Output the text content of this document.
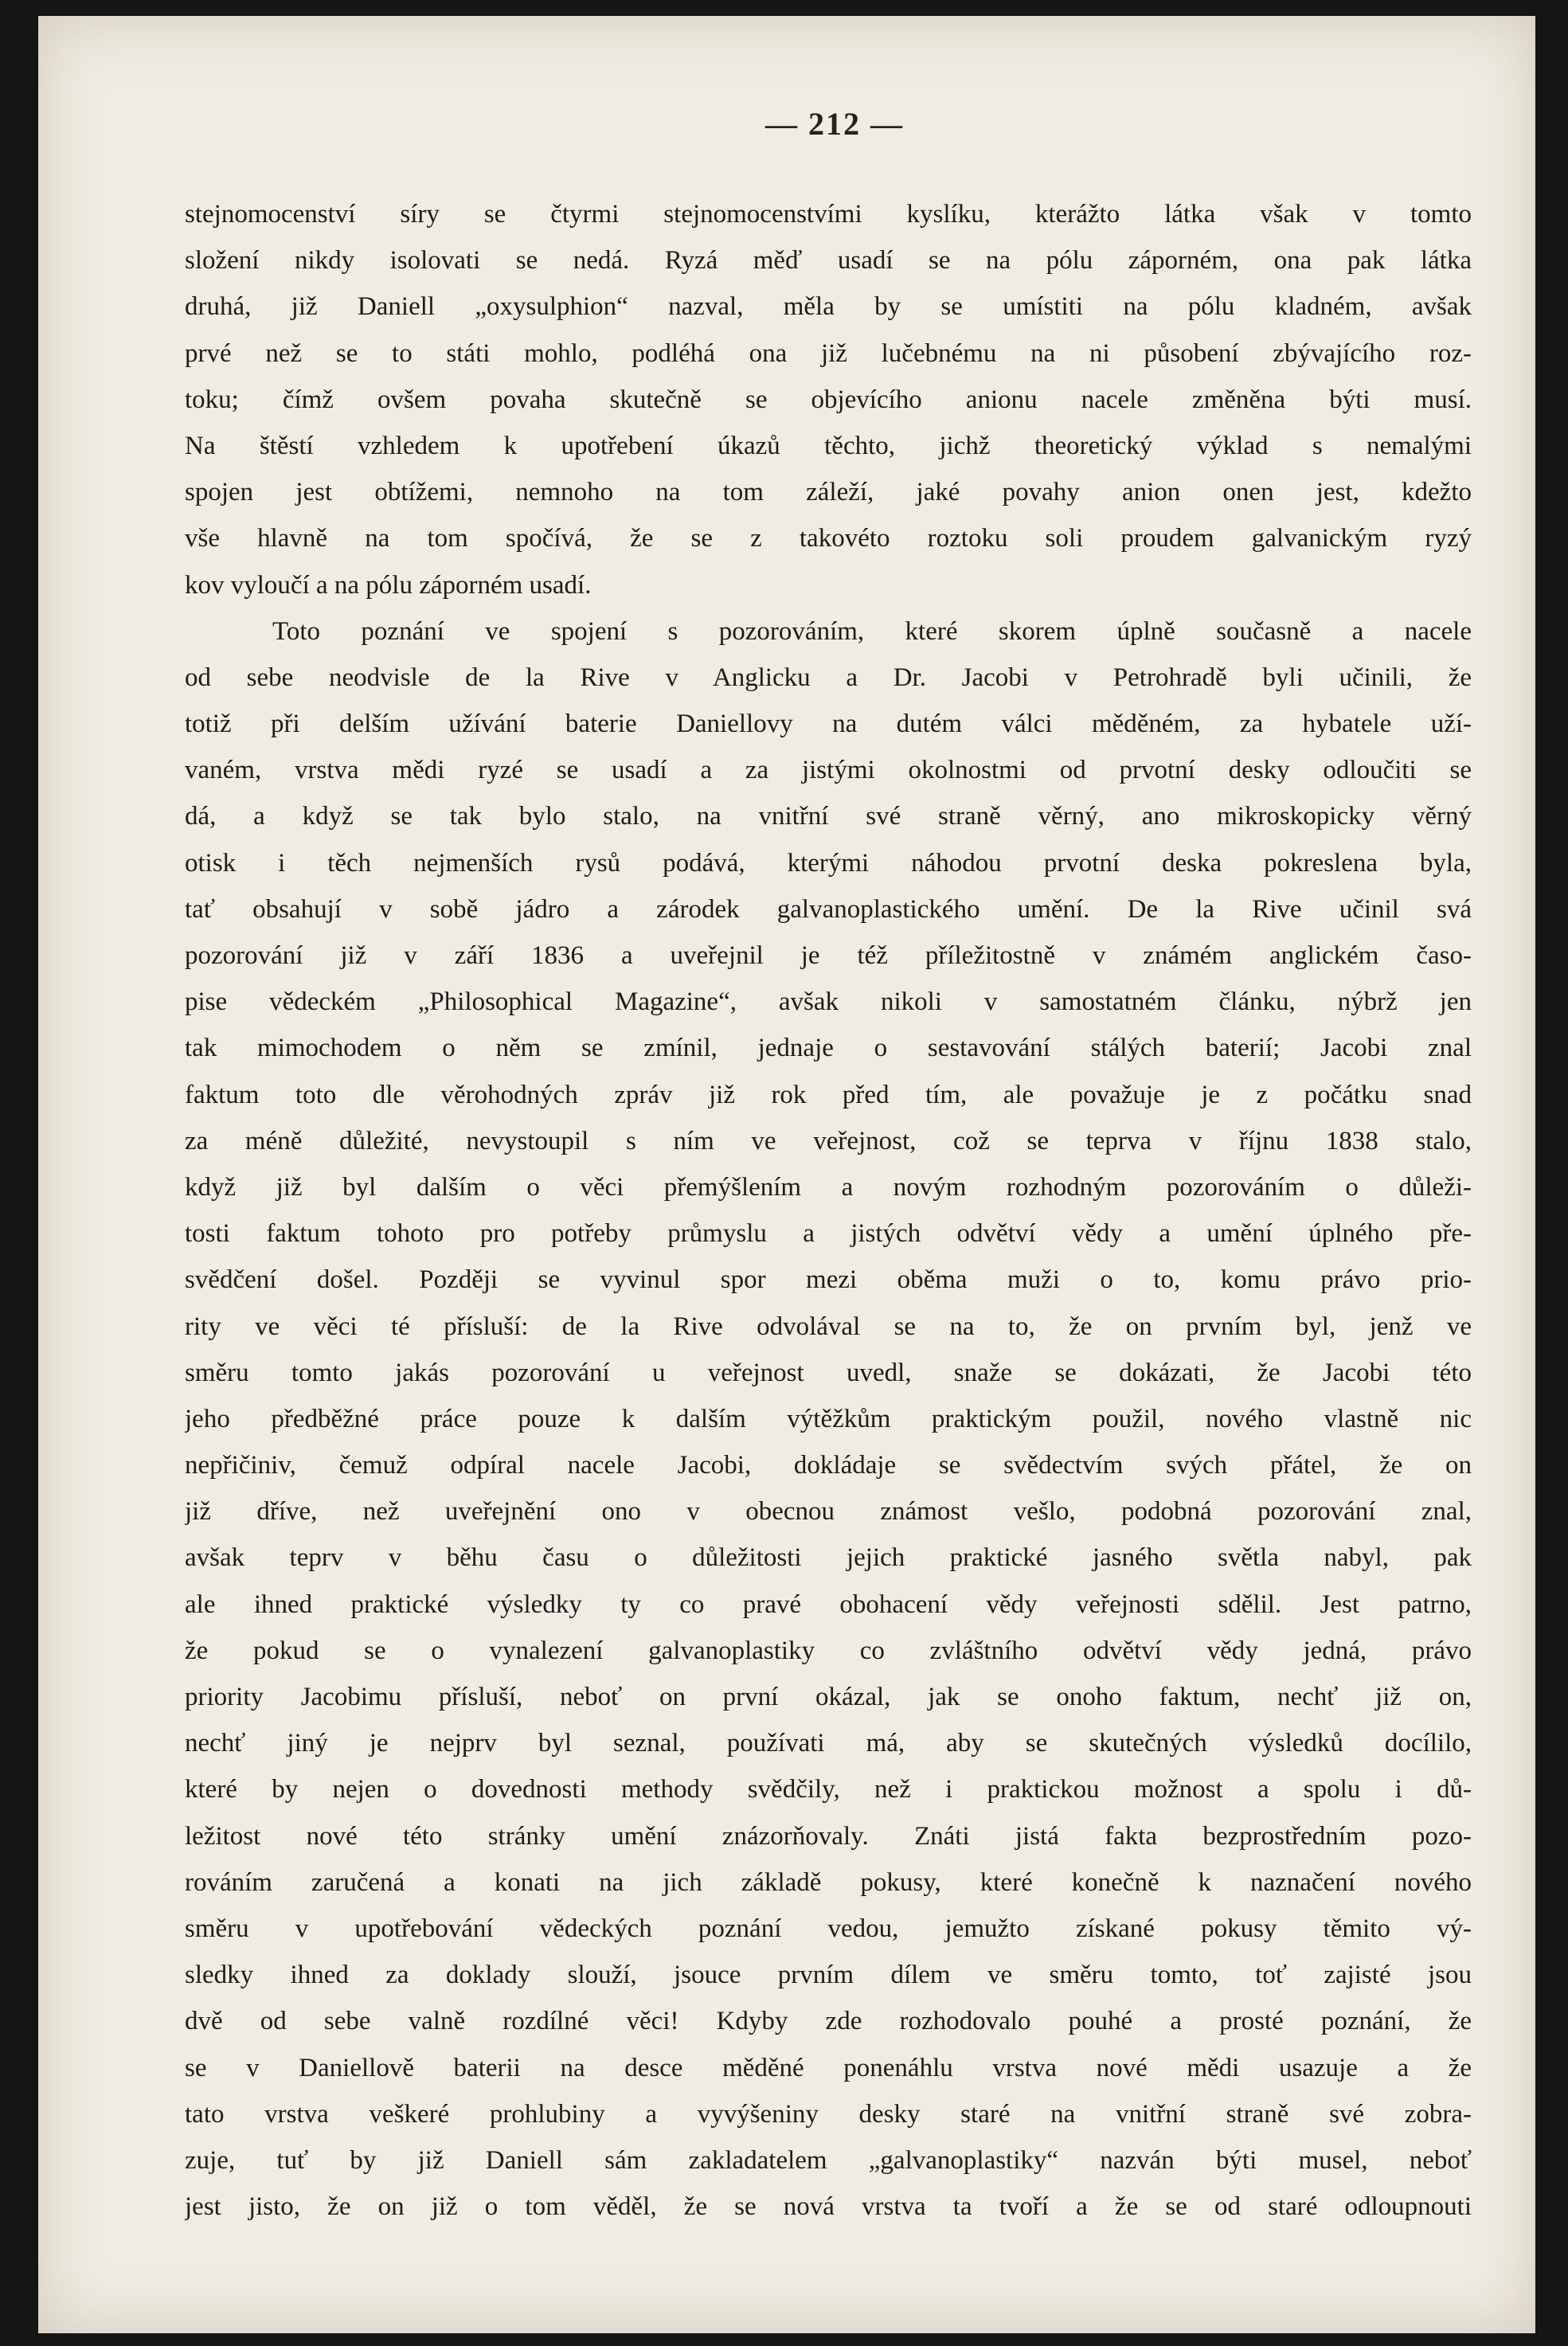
— 212 —
stejnomocenství síry se čtyrmi stejnomocenstvími kyslíku, kterážto látka však v tomto
složení nikdy isolovati se nedá. Ryzá měď usadí se na pólu záporném, ona pak látka
druhá, již Daniell „oxysulphion“ nazval, měla by se umístiti na pólu kladném, avšak
prvé než se to státi mohlo, podléhá ona již lučebnému na ni působení zbývajícího roz-
toku; čímž ovšem povaha skutečně se objevícího anionu nacele změněna býti musí.
Na štěstí vzhledem k upotřebení úkazů těchto, jichž theoretický výklad s nemalými
spojen jest obtížemi, nemnoho na tom záleží, jaké povahy anion onen jest, kdežto
vše hlavně na tom spočívá, že se z takovéto roztoku soli proudem galvanickým ryzý
kov vyloučí a na pólu záporném usadí.
Toto poznání ve spojení s pozorováním, které skorem úplně současně a nacele
od sebe neodvisle de la Rive v Anglicku a Dr. Jacobi v Petrohradě byli učinili, že
totiž při delším užívání baterie Daniellovy na dutém válci měděném, za hybatele uží-
vaném, vrstva mědi ryzé se usadí a za jistými okolnostmi od prvotní desky odloučiti se
dá, a když se tak bylo stalo, na vnitřní své straně věrný, ano mikroskopicky věrný
otisk i těch nejmenších rysů podává, kterými náhodou prvotní deska pokreslena byla,
tať obsahují v sobě jádro a zárodek galvanoplastického umění. De la Rive učinil svá
pozorování již v září 1836 a uveřejnil je též příležitostně v známém anglickém časo-
pise vědeckém „Philosophical Magazine“, avšak nikoli v samostatném článku, nýbrž jen
tak mimochodem o něm se zmínil, jednaje o sestavování stálých baterií; Jacobi znal
faktum toto dle věrohodných zpráv již rok před tím, ale považuje je z počátku snad
za méně důležité, nevystoupil s ním ve veřejnost, což se teprva v říjnu 1838 stalo,
když již byl dalším o věci přemýšlením a novým rozhodným pozorováním o důleži-
tosti faktum tohoto pro potřeby průmyslu a jistých odvětví vědy a umění úplného pře-
svědčení došel. Později se vyvinul spor mezi oběma muži o to, komu právo prio-
rity ve věci té přísluší: de la Rive odvolával se na to, že on prvním byl, jenž ve
směru tomto jakás pozorování u veřejnost uvedl, snaže se dokázati, že Jacobi této
jeho předběžné práce pouze k dalším výtěžkům praktickým použil, nového vlastně nic
nepřičiniv, čemuž odpíral nacele Jacobi, dokládaje se svědectvím svých přátel, že on
již dříve, než uveřejnění ono v obecnou známost vešlo, podobná pozorování znal,
avšak teprv v běhu času o důležitosti jejich praktické jasného světla nabyl, pak
ale ihned praktické výsledky ty co pravé obohacení vědy veřejnosti sdělil. Jest patrno,
že pokud se o vynalezení galvanoplastiky co zvláštního odvětví vědy jedná, právo
priority Jacobimu přísluší, neboť on první okázal, jak se onoho faktum, nechť již on,
nechť jiný je nejprv byl seznal, používati má, aby se skutečných výsledků docílilo,
které by nejen o dovednosti methody svědčily, než i praktickou možnost a spolu i dů-
ležitost nové této stránky umění znázorňovaly. Znáti jistá fakta bezprostředním pozo-
rováním zaručená a konati na jich základě pokusy, které konečně k naznačení nového
směru v upotřebování vědeckých poznání vedou, jemužto získané pokusy těmito vý-
sledky ihned za doklady slouží, jsouce prvním dílem ve směru tomto, toť zajisté jsou
dvě od sebe valně rozdílné věci! Kdyby zde rozhodovalo pouhé a prosté poznání, že
se v Daniellově baterii na desce měděné ponenáhlu vrstva nové mědi usazuje a že
tato vrstva veškeré prohlubiny a vyvýšeniny desky staré na vnitřní straně své zobra-
zuje, tuť by již Daniell sám zakladatelem „galvanoplastiky“ nazván býti musel, neboť
jest jisto, že on již o tom věděl, že se nová vrstva ta tvoří a že se od staré odloupnouti
